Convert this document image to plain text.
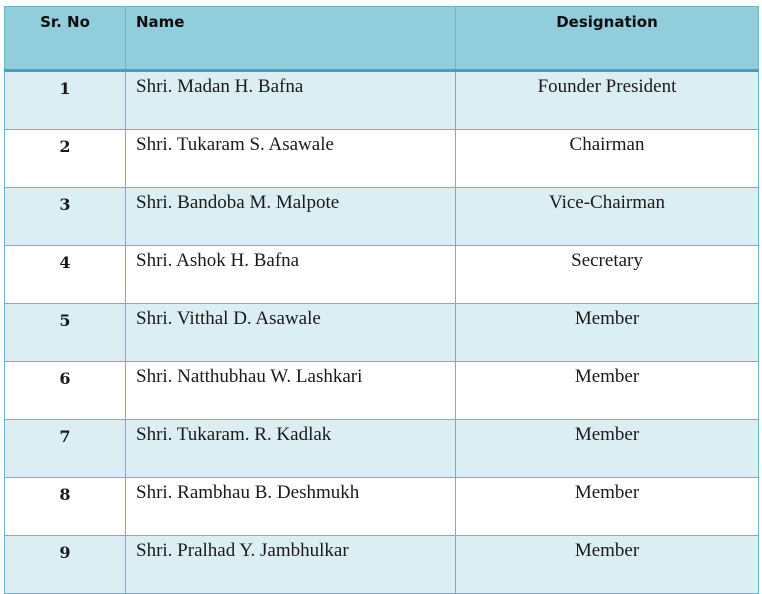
Sr. No	Name	Designation
1	Shri. Madan H. Bafna	Founder President
2	Shri. Tukaram S. Asawale	Chairman
3	Shri. Bandoba M. Malpote	Vice-Chairman
4	Shri. Ashok H. Bafna	Secretary
5	Shri. Vitthal D. Asawale	Member
6	Shri. Natthubhau W. Lashkari	Member
7	Shri. Tukaram. R. Kadlak	Member
8	Shri. Rambhau B. Deshmukh	Member
9	Shri. Pralhad Y. Jambhulkar	Member
